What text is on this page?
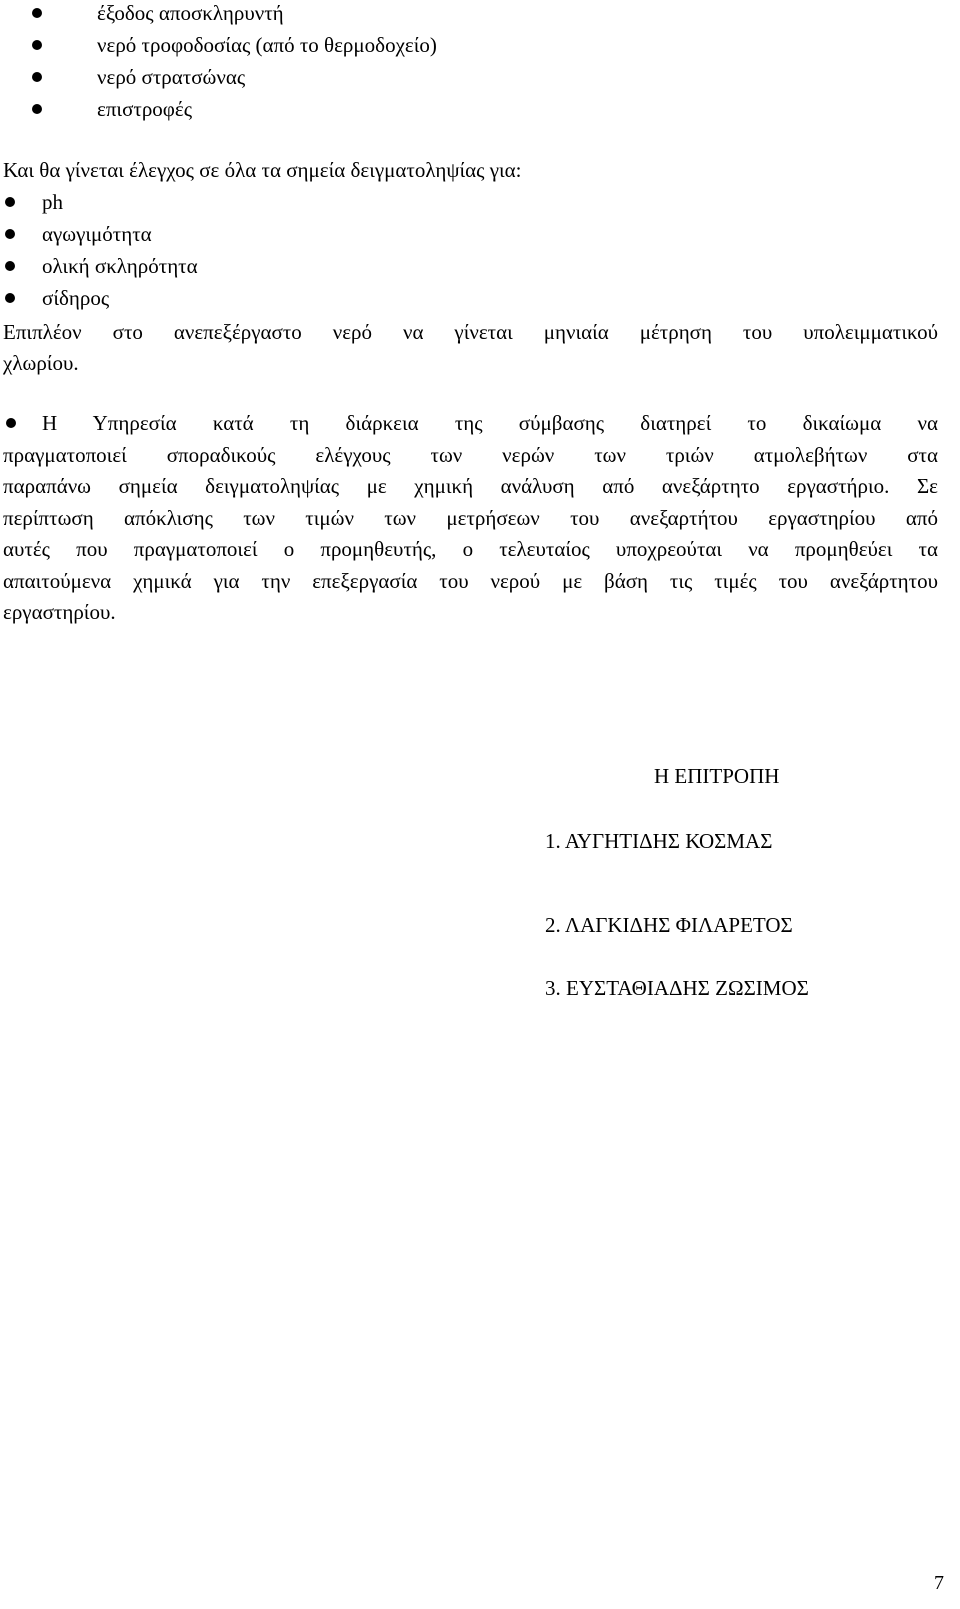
έξοδος αποσκληρυντή
νερό τροφοδοσίας (από το θερμοδοχείο)
νερό στρατσώνας
επιστροφές
Και θα γίνεται έλεγχος σε όλα τα σημεία δειγματοληψίας για:
ph
αγωγιμότητα
ολική σκληρότητα
σίδηρος
Επιπλέον στο ανεπεξέργαστο νερό να γίνεται μηνιαία μέτρηση του υπολειμματικού
χλωρίου.
Η Υπηρεσία κατά τη διάρκεια της σύμβασης διατηρεί το δικαίωμα να
πραγματοποιεί σποραδικούς ελέγχους των νερών των τριών ατμολεβήτων στα
παραπάνω σημεία δειγματοληψίας με χημική ανάλυση από ανεξάρτητο εργαστήριο. Σε
περίπτωση απόκλισης των τιμών των μετρήσεων του ανεξαρτήτου εργαστηρίου από
αυτές που πραγματοποιεί ο προμηθευτής, ο τελευταίος υποχρεούται να προμηθεύει τα
απαιτούμενα χημικά για την επεξεργασία του νερού με βάση τις τιμές του ανεξάρτητου
εργαστηρίου.
Η ΕΠΙΤΡΟΠΗ
1. ΑΥΓΗΤΙΔΗΣ ΚΟΣΜΑΣ
2. ΛΑΓΚΙΔΗΣ ΦΙΛΑΡΕΤΟΣ
3. ΕΥΣΤΑΘΙΑΔΗΣ ΖΩΣΙΜΟΣ
7
